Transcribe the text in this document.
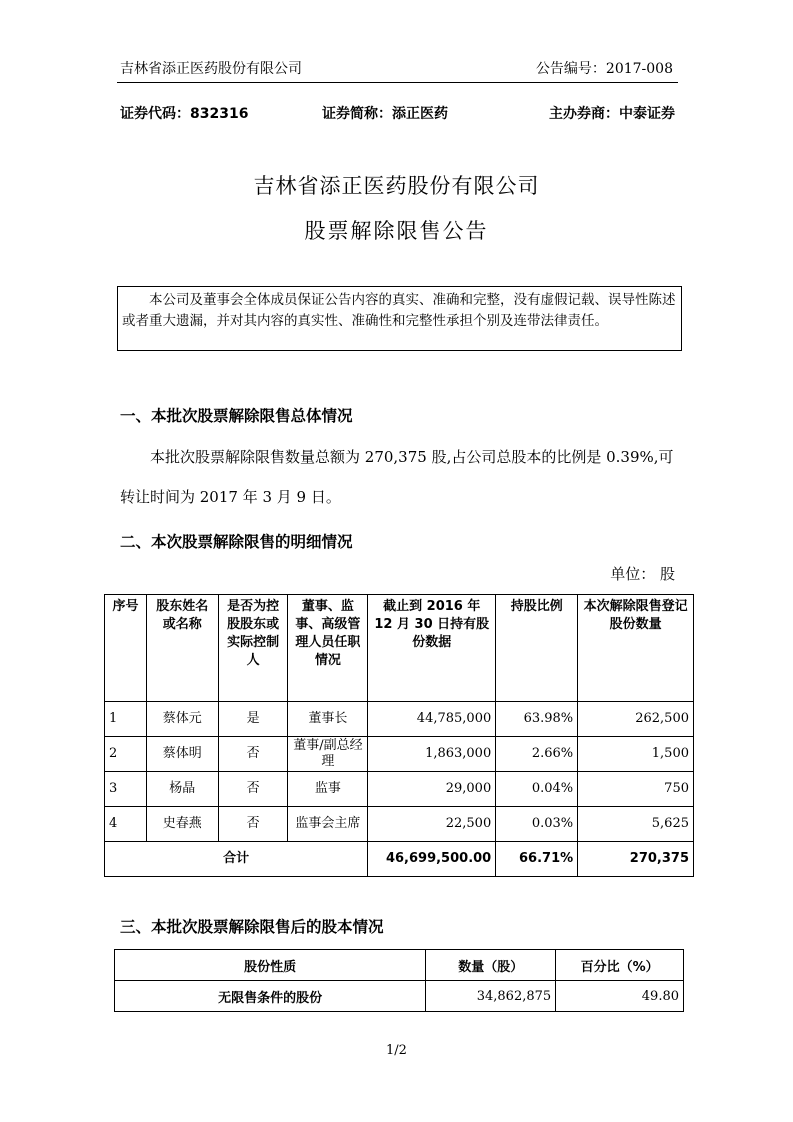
吉林省添正医药股份有限公司	公告编号：2017-008
证券代码：832316	证券简称：添正医药	主办券商：中泰证券
吉林省添正医药股份有限公司
股票解除限售公告
本公司及董事会全体成员保证公告内容的真实、准确和完整，没有虚假记载、误导性陈述或者重大遗漏，并对其内容的真实性、准确性和完整性承担个别及连带法律责任。
一、本批次股票解除限售总体情况
本批次股票解除限售数量总额为 270,375 股,占公司总股本的比例是 0.39%,可转让时间为 2017 年 3 月 9 日。
二、本次股票解除限售的明细情况
单位： 股
序号	股东姓名或名称	是否为控股股东或实际控制人	董事、监事、高级管理人员任职情况	截止到 2016 年 12 月 30 日持有股份数据	持股比例	本次解除限售登记股份数量
1	蔡体元	是	董事长	44,785,000	63.98%	262,500
2	蔡体明	否	董事/副总经理	1,863,000	2.66%	1,500
3	杨晶	否	监事	29,000	0.04%	750
4	史春燕	否	监事会主席	22,500	0.03%	5,625
合计				46,699,500.00	66.71%	270,375
三、本批次股票解除限售后的股本情况
股份性质	数量（股）	百分比（%）
无限售条件的股份	34,862,875	49.80
1/2
